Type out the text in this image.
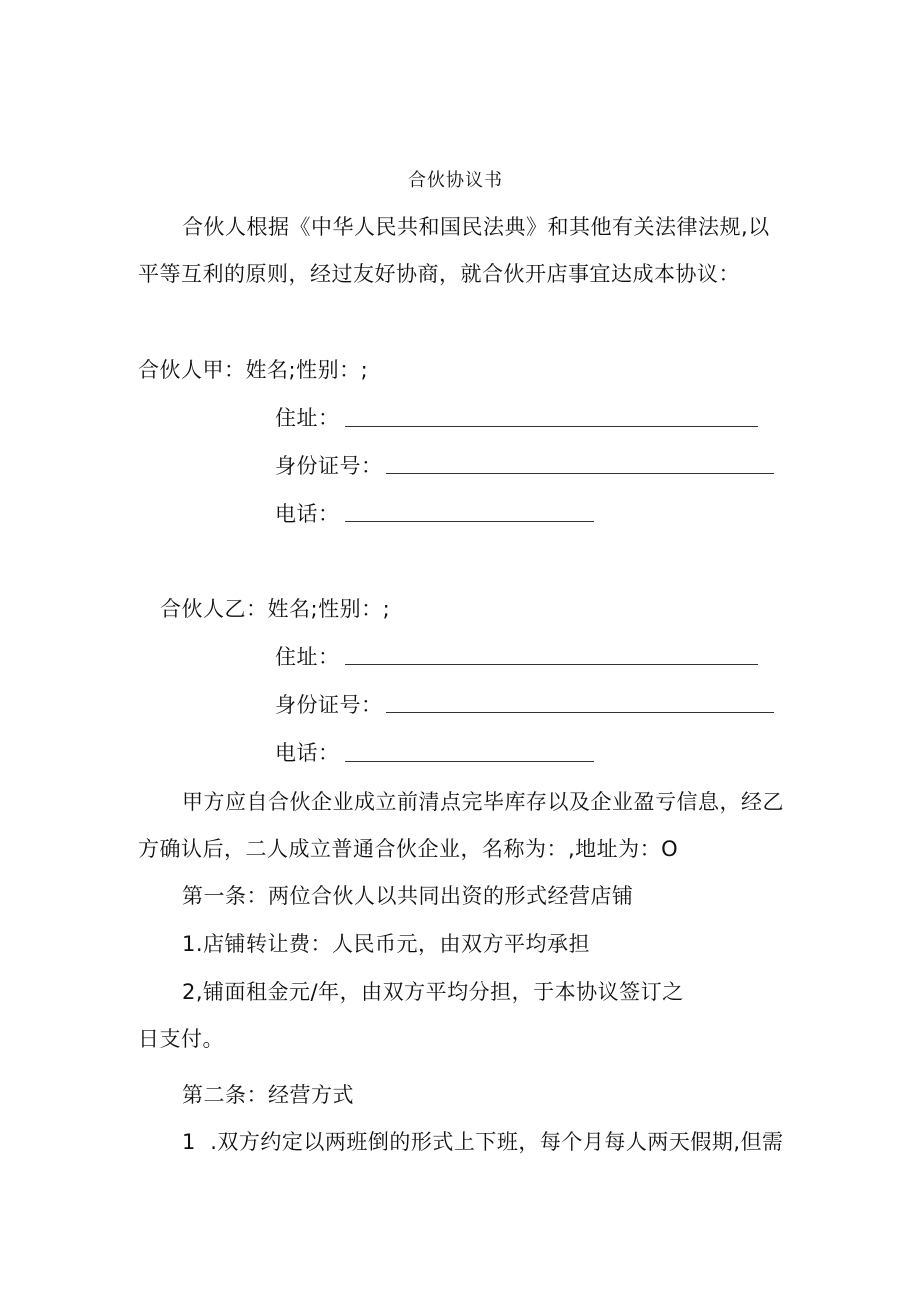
合伙协议书
合伙人根据《中华人民共和国民法典》和其他有关法律法规,以
平等互利的原则，经过友好协商，就合伙开店事宜达成本协议：
合伙人甲：姓名;性别：;
住址：
身份证号：
电话：
合伙人乙：姓名;性别：;
住址：
身份证号：
电话：
甲方应自合伙企业成立前清点完毕库存以及企业盈亏信息，经乙
方确认后，二人成立普通合伙企业，名称为：,地址为：O
第一条：两位合伙人以共同出资的形式经营店铺
1.店铺转让费：人民币元，由双方平均承担
2,铺面租金元/年，由双方平均分担，于本协议签订之
日支付。
第二条：经营方式
1  .双方约定以两班倒的形式上下班，每个月每人两天假期,但需
